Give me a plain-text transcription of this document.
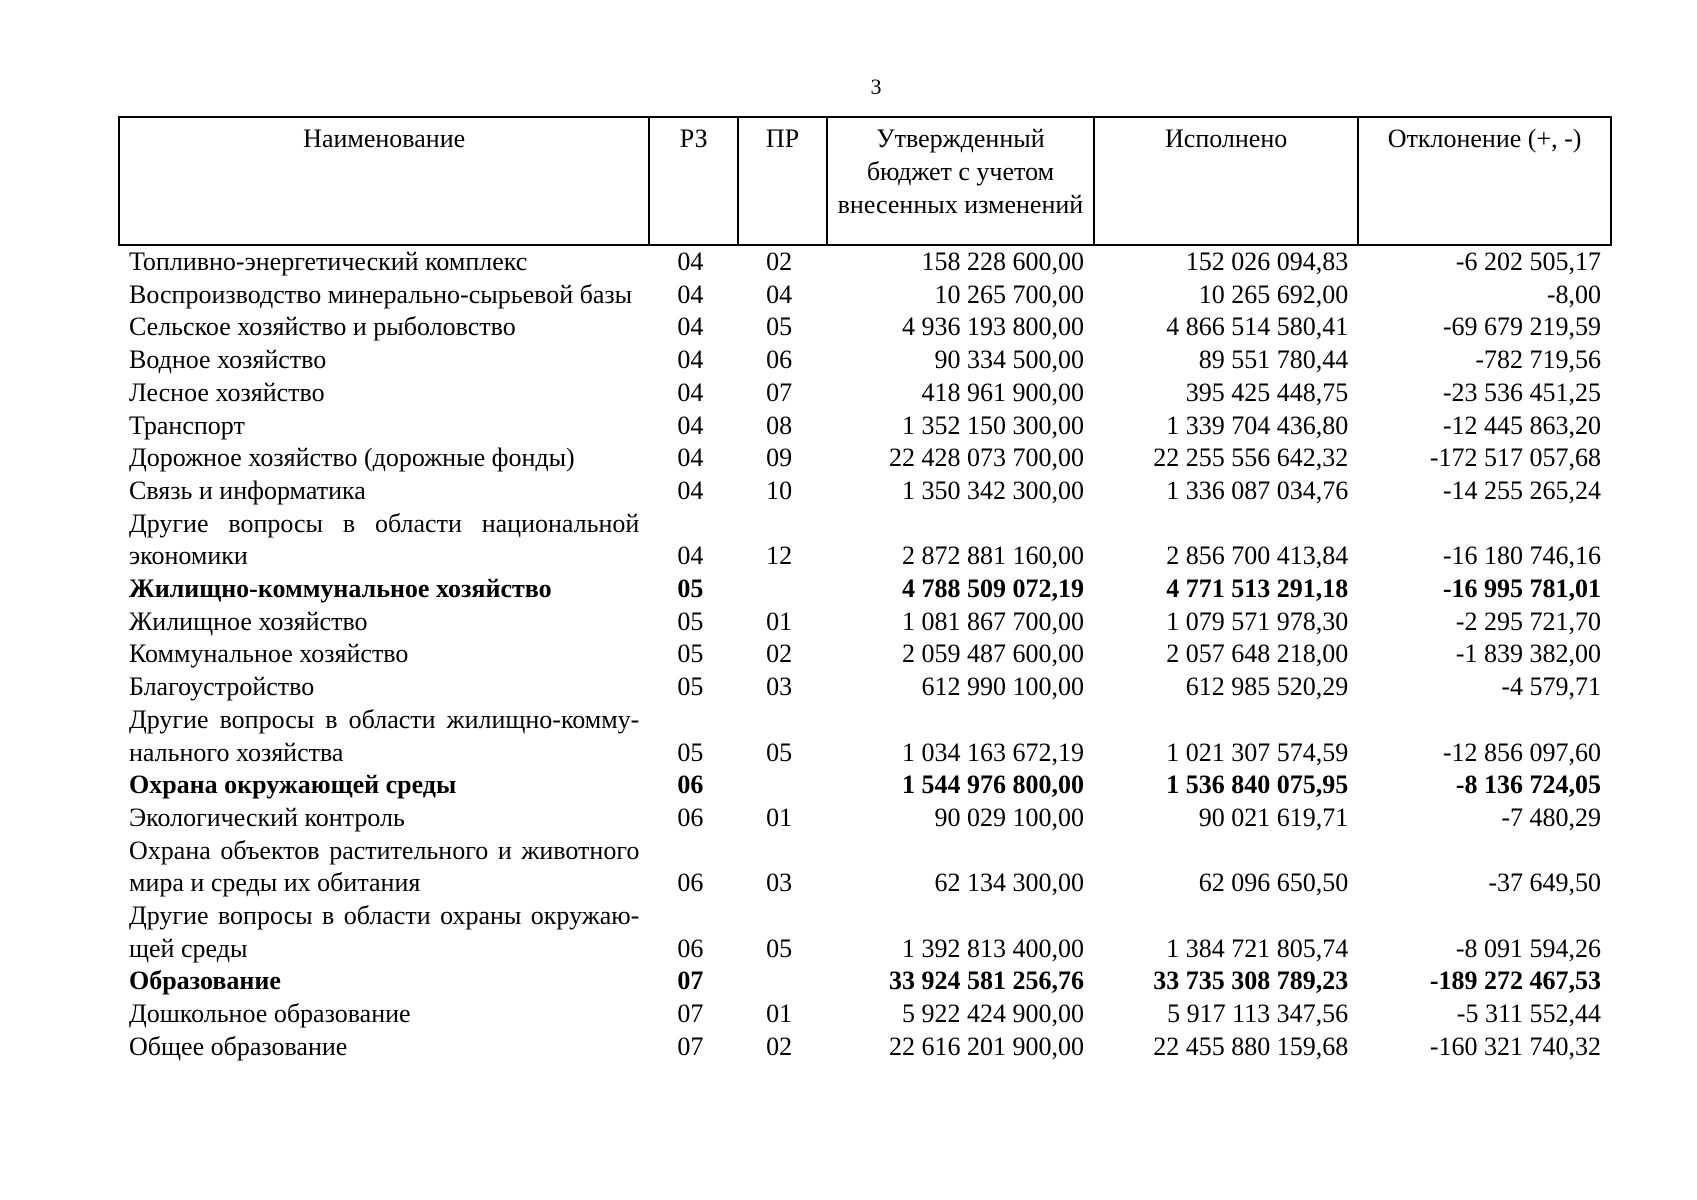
3
Наименование	РЗ	ПР	Утвержденный бюджет с учетом внесенных изменений	Исполнено	Отклонение (+, -)
Топливно-энергетический комплекс	04	02	158 228 600,00	152 026 094,83	-6 202 505,17
Воспроизводство минерально-сырьевой базы	04	04	10 265 700,00	10 265 692,00	-8,00
Сельское хозяйство и рыболовство	04	05	4 936 193 800,00	4 866 514 580,41	-69 679 219,59
Водное хозяйство	04	06	90 334 500,00	89 551 780,44	-782 719,56
Лесное хозяйство	04	07	418 961 900,00	395 425 448,75	-23 536 451,25
Транспорт	04	08	1 352 150 300,00	1 339 704 436,80	-12 445 863,20
Дорожное хозяйство (дорожные фонды)	04	09	22 428 073 700,00	22 255 556 642,32	-172 517 057,68
Связь и информатика	04	10	1 350 342 300,00	1 336 087 034,76	-14 255 265,24
Другие вопросы в области национальной экономики	04	12	2 872 881 160,00	2 856 700 413,84	-16 180 746,16
Жилищно-коммунальное хозяйство	05		4 788 509 072,19	4 771 513 291,18	-16 995 781,01
Жилищное хозяйство	05	01	1 081 867 700,00	1 079 571 978,30	-2 295 721,70
Коммунальное хозяйство	05	02	2 059 487 600,00	2 057 648 218,00	-1 839 382,00
Благоустройство	05	03	612 990 100,00	612 985 520,29	-4 579,71
Другие вопросы в области жилищно-комму-нального хозяйства	05	05	1 034 163 672,19	1 021 307 574,59	-12 856 097,60
Охрана окружающей среды	06		1 544 976 800,00	1 536 840 075,95	-8 136 724,05
Экологический контроль	06	01	90 029 100,00	90 021 619,71	-7 480,29
Охрана объектов растительного и животного мира и среды их обитания	06	03	62 134 300,00	62 096 650,50	-37 649,50
Другие вопросы в области охраны окружаю-щей среды	06	05	1 392 813 400,00	1 384 721 805,74	-8 091 594,26
Образование	07		33 924 581 256,76	33 735 308 789,23	-189 272 467,53
Дошкольное образование	07	01	5 922 424 900,00	5 917 113 347,56	-5 311 552,44
Общее образование	07	02	22 616 201 900,00	22 455 880 159,68	-160 321 740,32
